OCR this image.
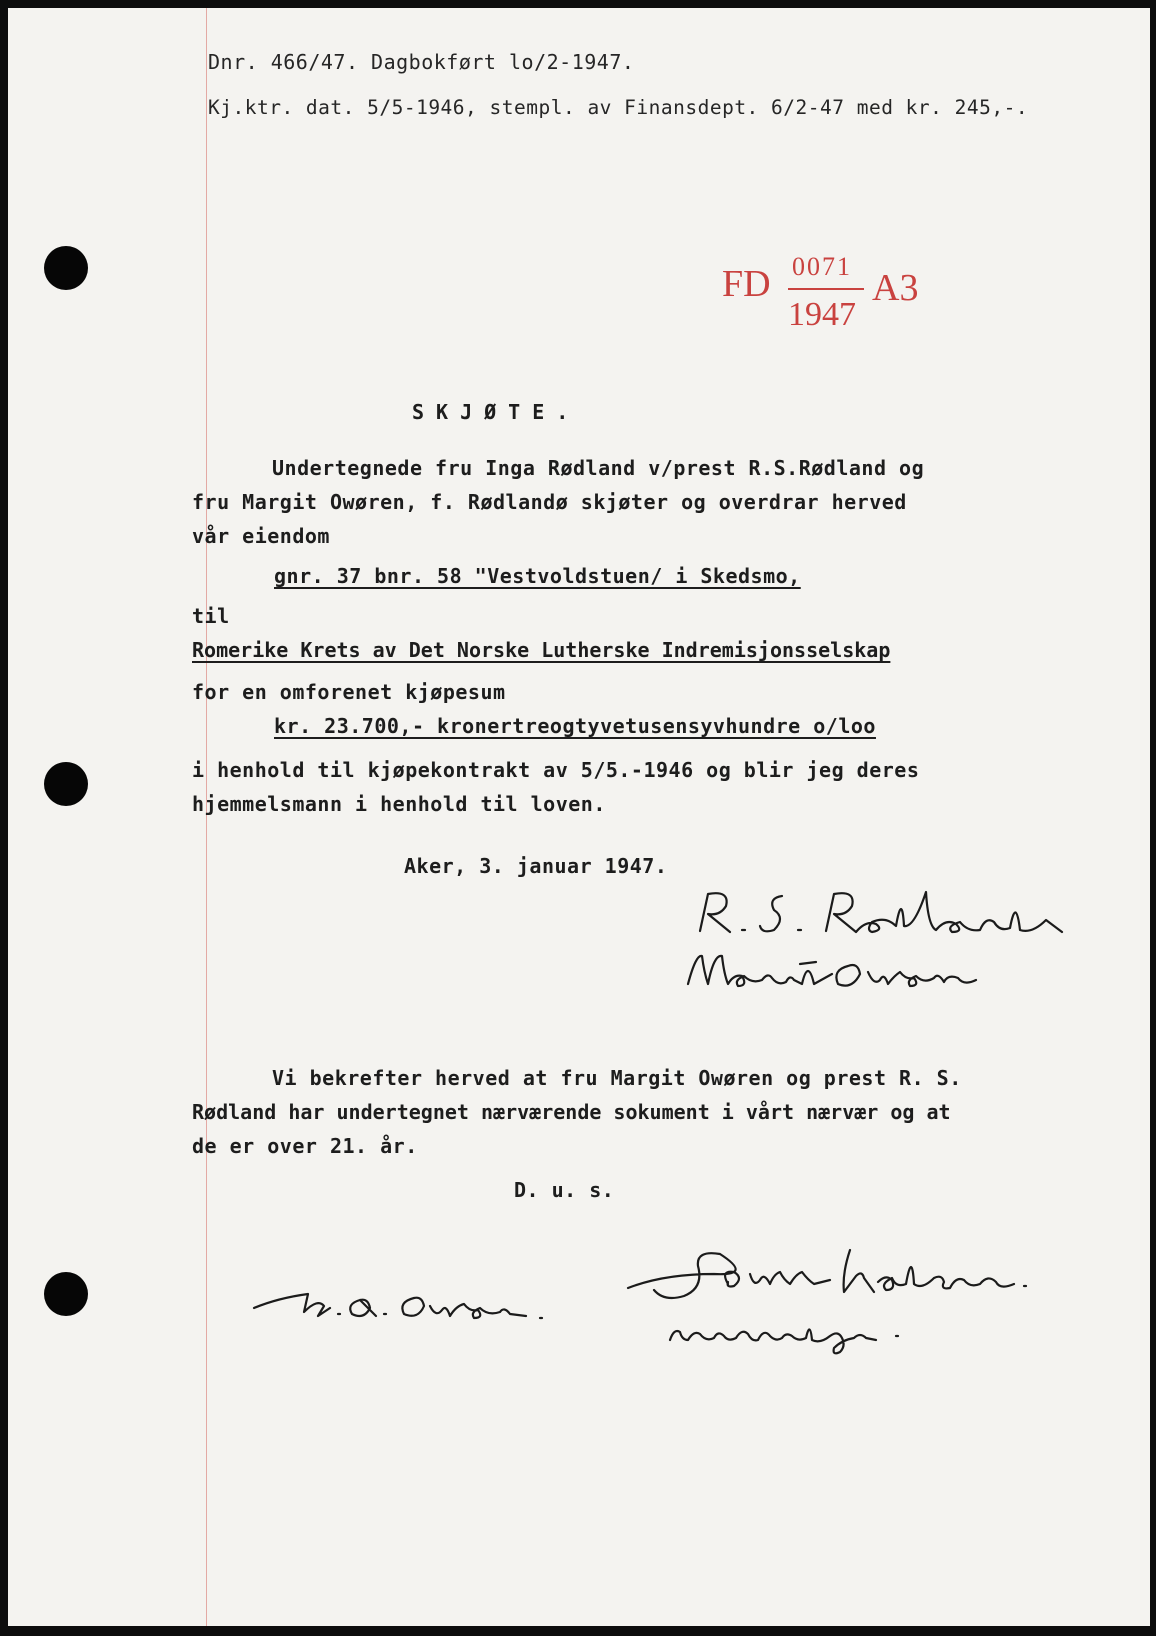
Dnr. 466/47. Dagbokført lo/2-1947.
Kj.ktr. dat. 5/5-1946, stempl. av Finansdept. 6/2-47 med kr. 245,-.
FD 0071
1947
A3
SKJØTE.
Undertegnede fru Inga Rødland v/prest R.S.Rødland og
fru Margit Owøren, f. Rødlandø skjøter og overdrar herved
vår eiendom
gnr. 37 bnr. 58 "Vestvoldstuen/ i Skedsmo,
til
Romerike Krets av Det Norske Lutherske Indremisjonsselskap
for en omforenet kjøpesum
kr. 23.700,- kronertreogtyvetusensyvhundre o/loo
i henhold til kjøpekontrakt av 5/5.-1946 og blir jeg deres
hjemmelsmann i henhold til loven.
Aker, 3. januar 1947.
Vi bekrefter herved at fru Margit Owøren og prest R. S.
Rødland har undertegnet nærværende sokument i vårt nærvær og at
de er over 21. år.
D. u. s.
